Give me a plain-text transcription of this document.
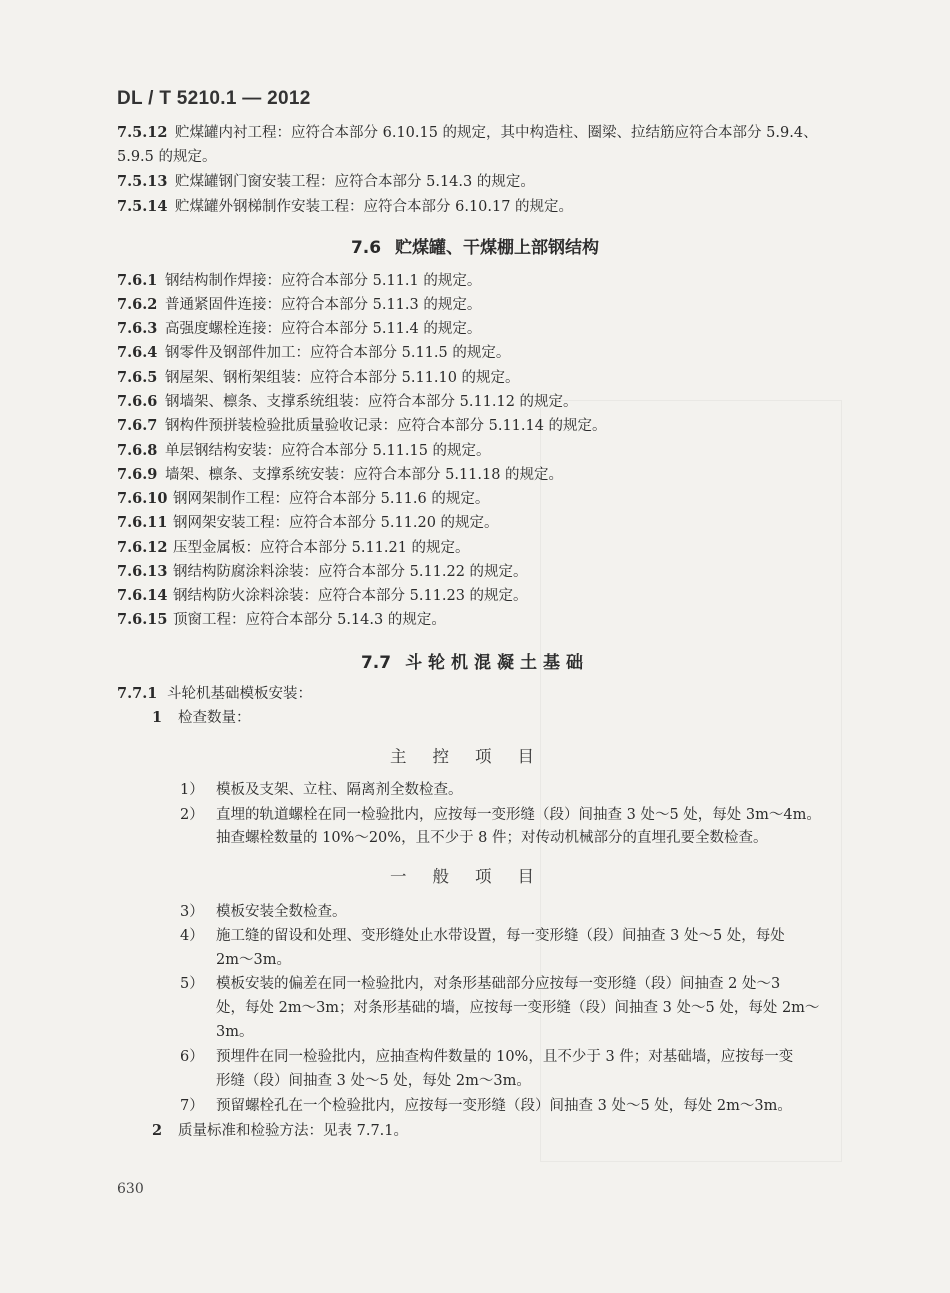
DL / T 5210.1 — 2012
7.5.12 贮煤罐内衬工程：应符合本部分 6.10.15 的规定，其中构造柱、圈梁、拉结筋应符合本部分 5.9.4、
5.9.5 的规定。
7.5.13 贮煤罐钢门窗安装工程：应符合本部分 5.14.3 的规定。
7.5.14 贮煤罐外钢梯制作安装工程：应符合本部分 6.10.17 的规定。
7.6 贮煤罐、干煤棚上部钢结构
7.6.1 钢结构制作焊接：应符合本部分 5.11.1 的规定。
7.6.2 普通紧固件连接：应符合本部分 5.11.3 的规定。
7.6.3 高强度螺栓连接：应符合本部分 5.11.4 的规定。
7.6.4 钢零件及钢部件加工：应符合本部分 5.11.5 的规定。
7.6.5 钢屋架、钢桁架组装：应符合本部分 5.11.10 的规定。
7.6.6 钢墙架、檩条、支撑系统组装：应符合本部分 5.11.12 的规定。
7.6.7 钢构件预拼装检验批质量验收记录：应符合本部分 5.11.14 的规定。
7.6.8 单层钢结构安装：应符合本部分 5.11.15 的规定。
7.6.9 墙架、檩条、支撑系统安装：应符合本部分 5.11.18 的规定。
7.6.10 钢网架制作工程：应符合本部分 5.11.6 的规定。
7.6.11 钢网架安装工程：应符合本部分 5.11.20 的规定。
7.6.12 压型金属板：应符合本部分 5.11.21 的规定。
7.6.13 钢结构防腐涂料涂装：应符合本部分 5.11.22 的规定。
7.6.14 钢结构防火涂料涂装：应符合本部分 5.11.23 的规定。
7.6.15 顶窗工程：应符合本部分 5.14.3 的规定。
7.7 斗轮机混凝土基础
7.7.1 斗轮机基础模板安装：
1 检查数量：
主控项目
1） 模板及支架、立柱、隔离剂全数检查。
2） 直埋的轨道螺栓在同一检验批内，应按每一变形缝（段）间抽查 3 处～5 处，每处 3m～4m。
抽查螺栓数量的 10%～20%，且不少于 8 件；对传动机械部分的直埋孔要全数检查。
一般项目
3） 模板安装全数检查。
4） 施工缝的留设和处理、变形缝处止水带设置，每一变形缝（段）间抽查 3 处～5 处，每处
2m～3m。
5） 模板安装的偏差在同一检验批内，对条形基础部分应按每一变形缝（段）间抽查 2 处～3
处，每处 2m～3m；对条形基础的墙，应按每一变形缝（段）间抽查 3 处～5 处，每处 2m～
3m。
6） 预埋件在同一检验批内，应抽查构件数量的 10%，且不少于 3 件；对基础墙，应按每一变
形缝（段）间抽查 3 处～5 处，每处 2m～3m。
7） 预留螺栓孔在一个检验批内，应按每一变形缝（段）间抽查 3 处～5 处，每处 2m～3m。
2 质量标准和检验方法：见表 7.7.1。
630
